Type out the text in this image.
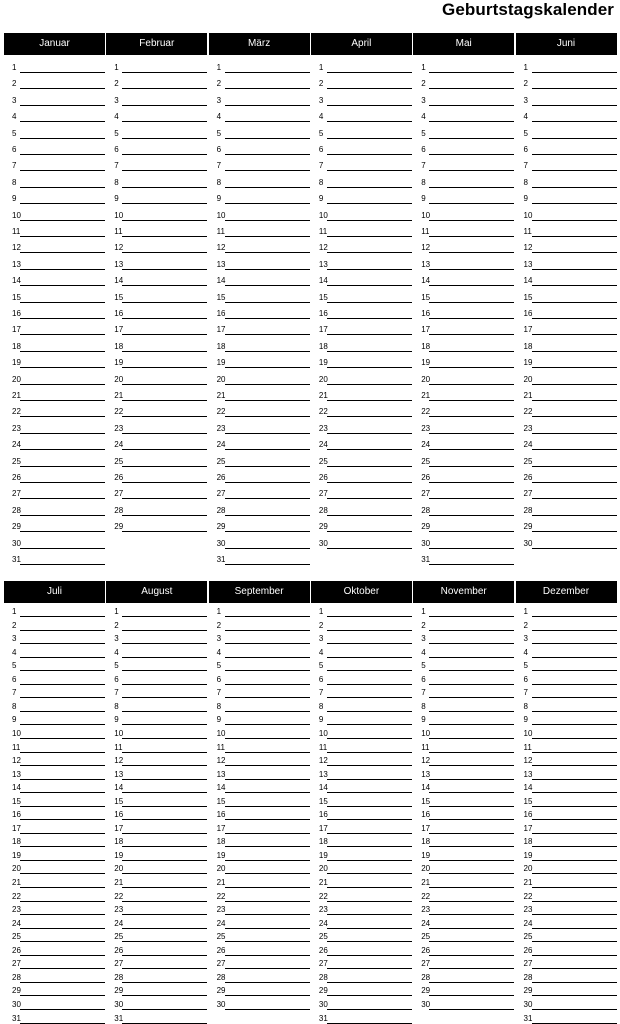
Geburtstagskalender
Januar
1
2
3
4
5
6
7
8
9
10
11
12
13
14
15
16
17
18
19
20
21
22
23
24
25
26
27
28
29
30
31
Februar
1
2
3
4
5
6
7
8
9
10
11
12
13
14
15
16
17
18
19
20
21
22
23
24
25
26
27
28
29
März
1
2
3
4
5
6
7
8
9
10
11
12
13
14
15
16
17
18
19
20
21
22
23
24
25
26
27
28
29
30
31
April
1
2
3
4
5
6
7
8
9
10
11
12
13
14
15
16
17
18
19
20
21
22
23
24
25
26
27
28
29
30
Mai
1
2
3
4
5
6
7
8
9
10
11
12
13
14
15
16
17
18
19
20
21
22
23
24
25
26
27
28
29
30
31
Juni
1
2
3
4
5
6
7
8
9
10
11
12
13
14
15
16
17
18
19
20
21
22
23
24
25
26
27
28
29
30
Juli
1
2
3
4
5
6
7
8
9
10
11
12
13
14
15
16
17
18
19
20
21
22
23
24
25
26
27
28
29
30
31
August
1
2
3
4
5
6
7
8
9
10
11
12
13
14
15
16
17
18
19
20
21
22
23
24
25
26
27
28
29
30
31
September
1
2
3
4
5
6
7
8
9
10
11
12
13
14
15
16
17
18
19
20
21
22
23
24
25
26
27
28
29
30
Oktober
1
2
3
4
5
6
7
8
9
10
11
12
13
14
15
16
17
18
19
20
21
22
23
24
25
26
27
28
29
30
31
November
1
2
3
4
5
6
7
8
9
10
11
12
13
14
15
16
17
18
19
20
21
22
23
24
25
26
27
28
29
30
Dezember
1
2
3
4
5
6
7
8
9
10
11
12
13
14
15
16
17
18
19
20
21
22
23
24
25
26
27
28
29
30
31
